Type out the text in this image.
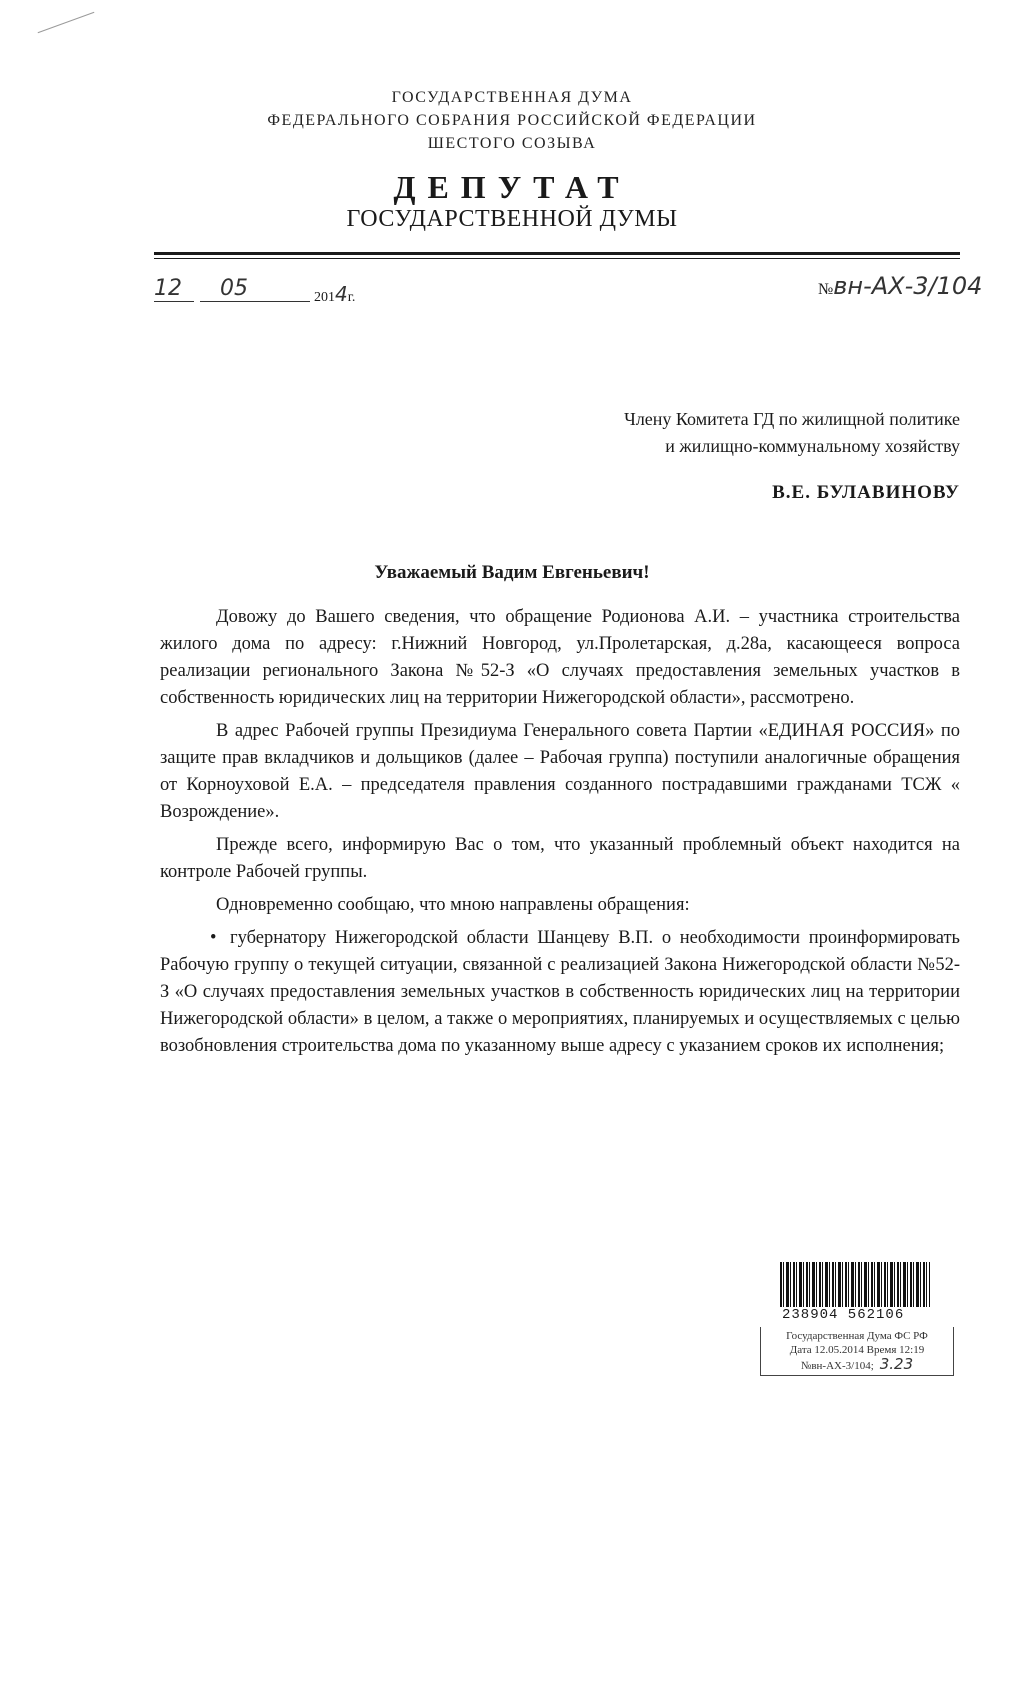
ГОСУДАРСТВЕННАЯ ДУМА
ФЕДЕРАЛЬНОГО СОБРАНИЯ РОССИЙСКОЙ ФЕДЕРАЦИИ
ШЕСТОГО СОЗЫВА
ДЕПУТАТ
ГОСУДАРСТВЕННОЙ ДУМЫ
12	05	2014г.	№вн-АХ-3/104
Члену Комитета ГД по жилищной политике
и жилищно-коммунальному хозяйству
В.Е. БУЛАВИНОВУ
Уважаемый Вадим Евгеньевич!

Довожу до Вашего сведения, что обращение Родионова А.И. – участника строительства жилого дома по адресу: г.Нижний Новгород, ул.Пролетарская, д.28а, касающееся вопроса реализации регионального Закона №52-З «О случаях предоставления земельных участков в собственность юридических лиц на территории Нижегородской области», рассмотрено.

В адрес Рабочей группы Президиума Генерального совета Партии «ЕДИНАЯ РОССИЯ» по защите прав вкладчиков и дольщиков (далее – Рабочая группа) поступили аналогичные обращения от Корноуховой Е.А. – председателя правления созданного пострадавшими гражданами ТСЖ « Возрождение».

Прежде всего, информирую Вас о том, что указанный проблемный объект находится на контроле Рабочей группы.

Одновременно сообщаю, что мною направлены обращения:

• губернатору Нижегородской области Шанцеву В.П. о необходимости проинформировать Рабочую группу о текущей ситуации, связанной с реализацией Закона Нижегородской области №52-З «О случаях предоставления земельных участков в собственность юридических лиц на территории Нижегородской области» в целом, а также о мероприятиях, планируемых и осуществляемых с целью возобновления строительства дома по указанному выше адресу с указанием сроков их исполнения;

238904 562106
Государственная Дума ФС РФ
Дата 12.05.2014 Время 12:19
№вн-АХ-3/104; 3.23
